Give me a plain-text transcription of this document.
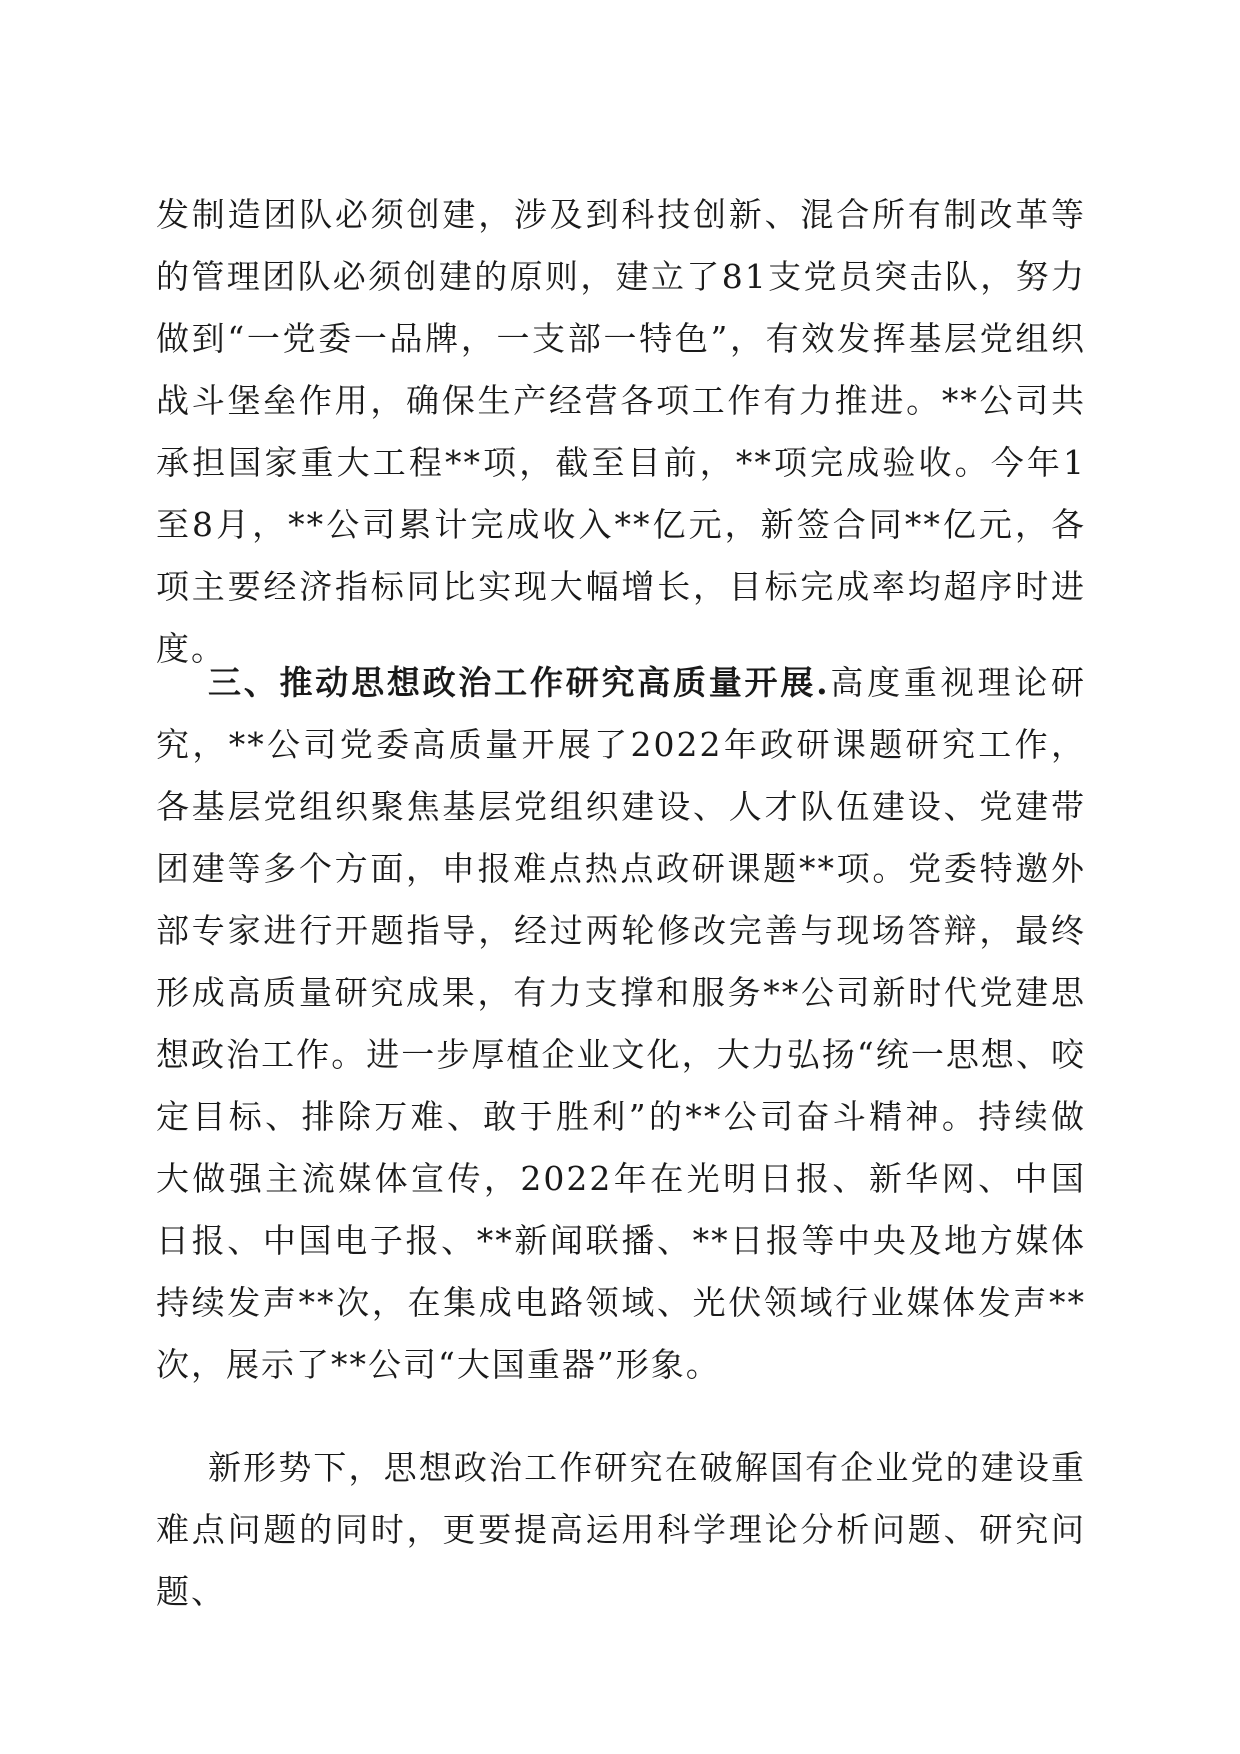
发制造团队必须创建，涉及到科技创新、混合所有制改革等的管理团队必须创建的原则，建立了81支党员突击队，努力做到“一党委一品牌，一支部一特色”，有效发挥基层党组织战斗堡垒作用，确保生产经营各项工作有力推进。**公司共承担国家重大工程**项，截至目前，**项完成验收。今年1至8月，**公司累计完成收入**亿元，新签合同**亿元，各项主要经济指标同比实现大幅增长，目标完成率均超序时进度。

三、推动思想政治工作研究高质量开展.高度重视理论研究，**公司党委高质量开展了2022年政研课题研究工作，各基层党组织聚焦基层党组织建设、人才队伍建设、党建带团建等多个方面，申报难点热点政研课题**项。党委特邀外部专家进行开题指导，经过两轮修改完善与现场答辩，最终形成高质量研究成果，有力支撑和服务**公司新时代党建思想政治工作。进一步厚植企业文化，大力弘扬“统一思想、咬定目标、排除万难、敢于胜利”的**公司奋斗精神。持续做大做强主流媒体宣传，2022年在光明日报、新华网、中国日报、中国电子报、**新闻联播、**日报等中央及地方媒体持续发声**次，在集成电路领域、光伏领域行业媒体发声**次，展示了**公司“大国重器”形象。

新形势下，思想政治工作研究在破解国有企业党的建设重难点问题的同时，更要提高运用科学理论分析问题、研究问题、
